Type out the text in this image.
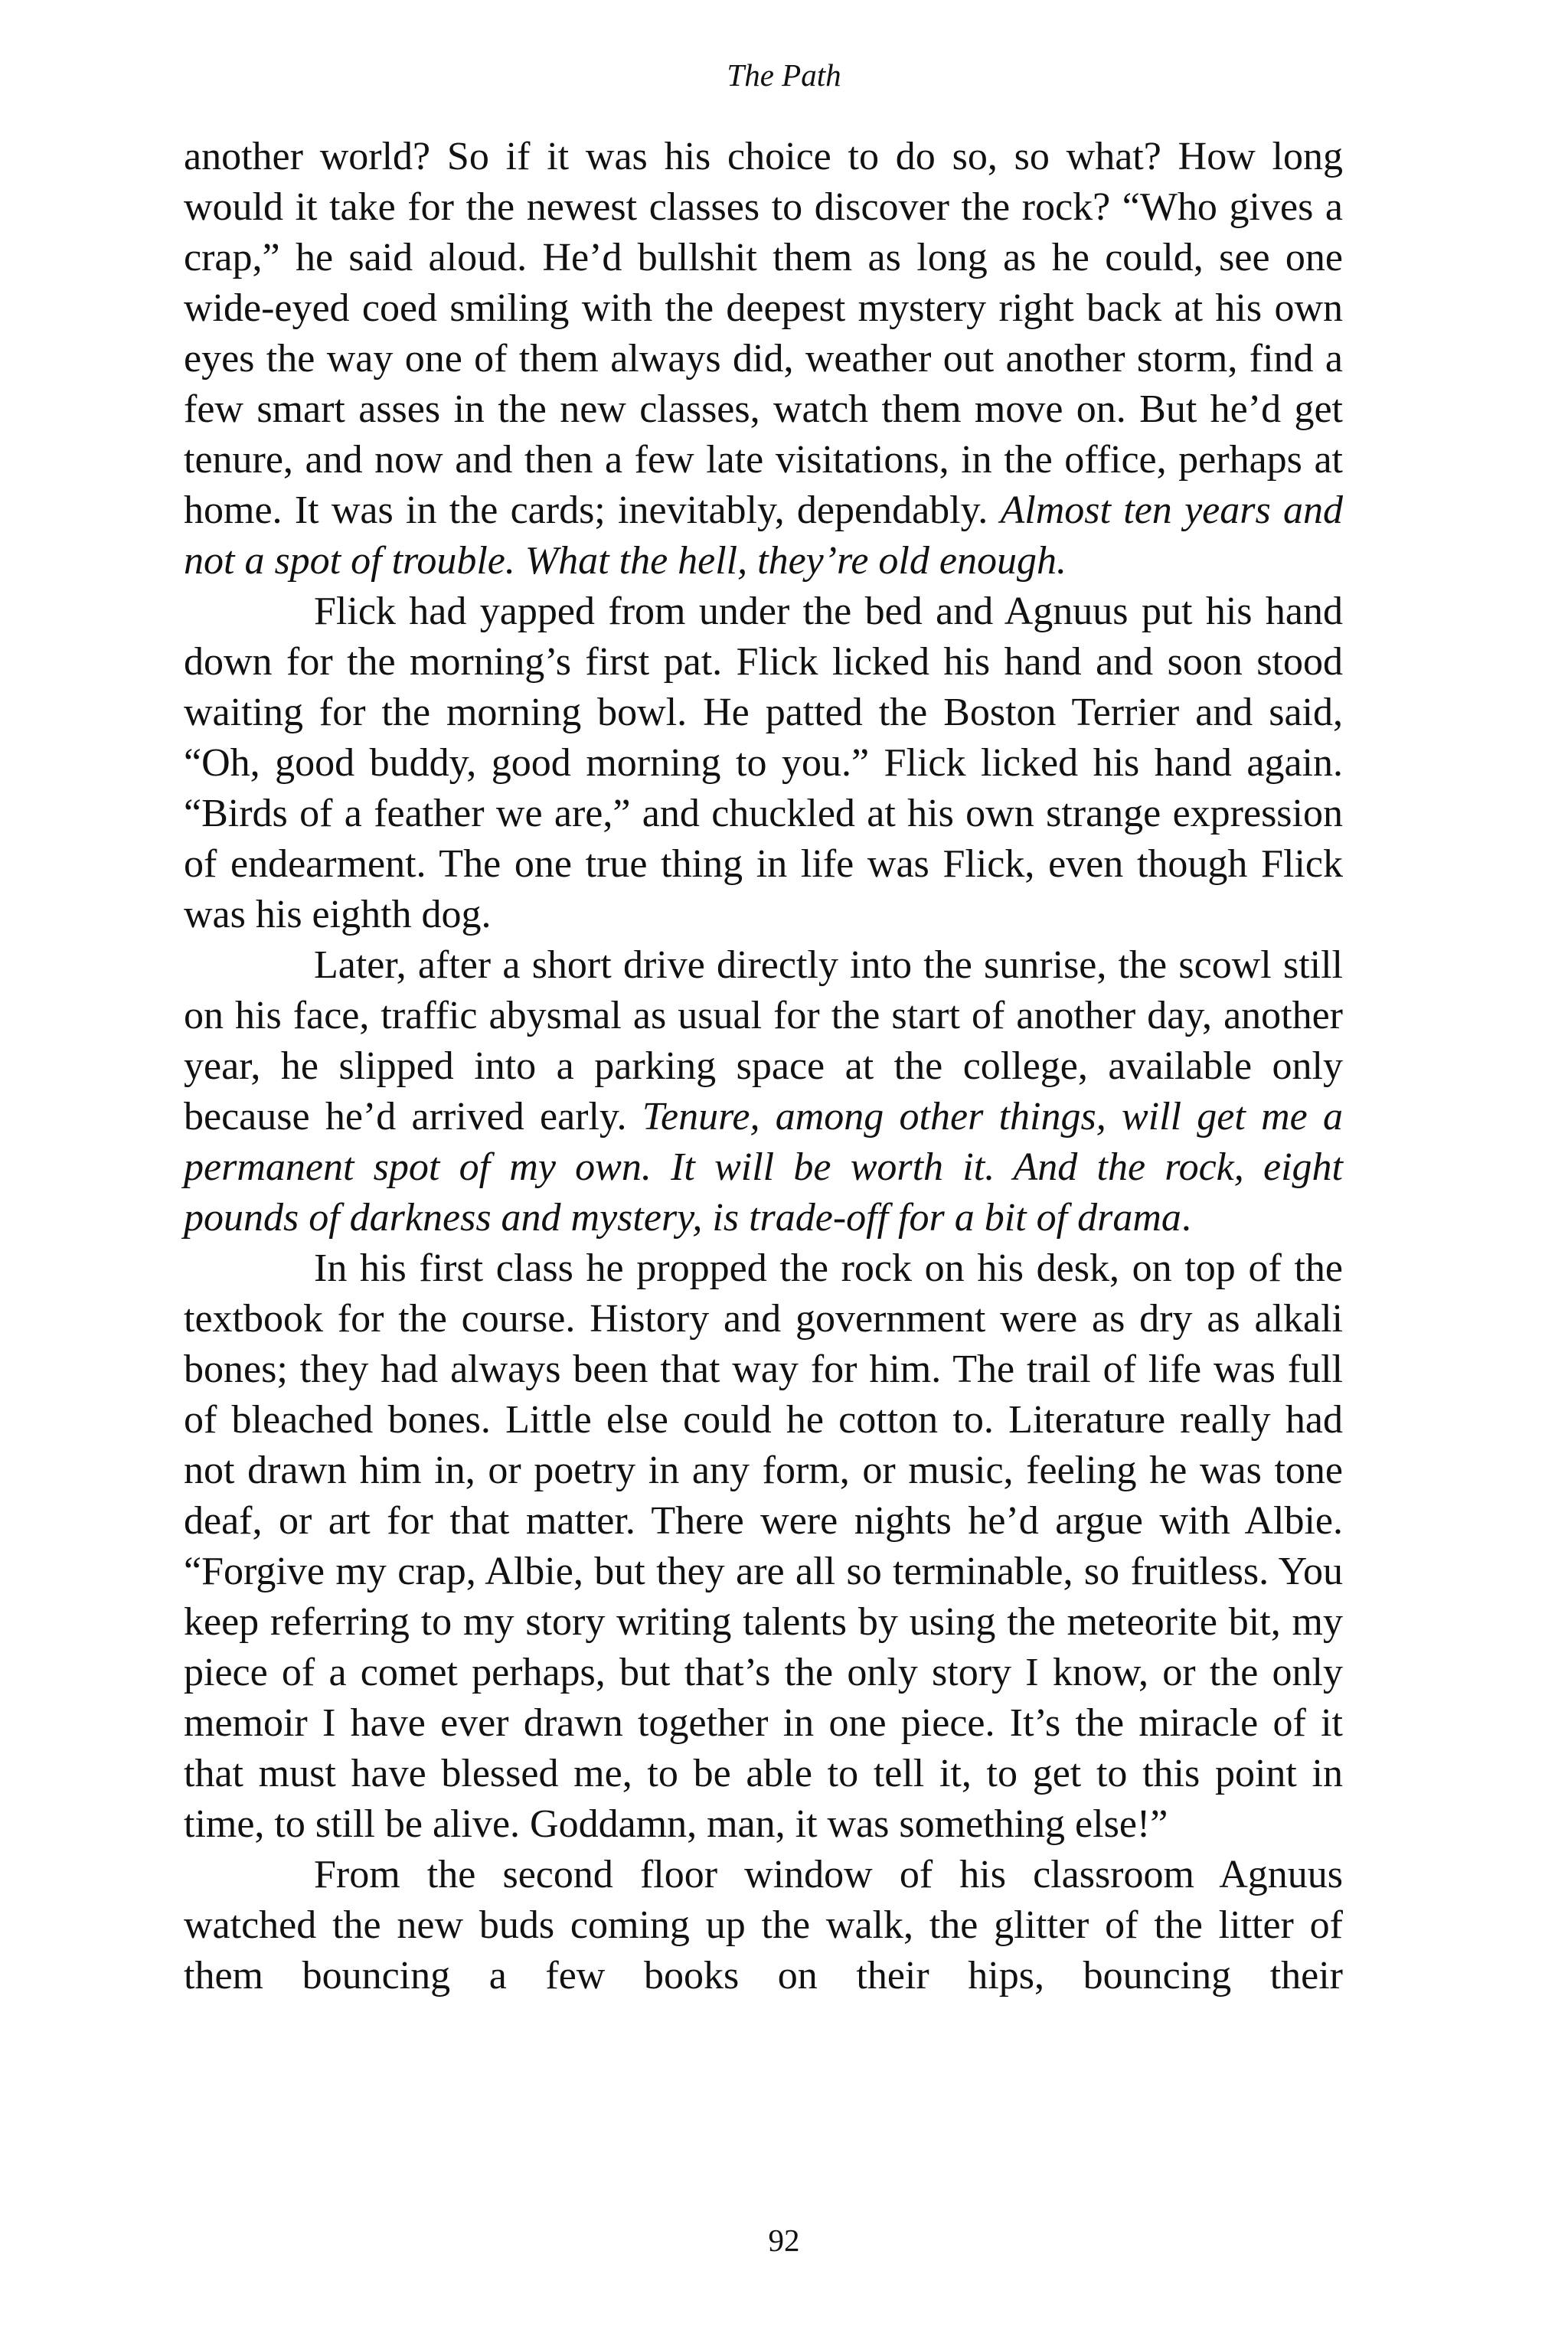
The Path

another world? So if it was his choice to do so, so what? How long would it take for the newest classes to discover the rock? “Who gives a crap,” he said aloud. He’d bullshit them as long as he could, see one wide-eyed coed smiling with the deepest mystery right back at his own eyes the way one of them always did, weather out another storm, find a few smart asses in the new classes, watch them move on. But he’d get tenure, and now and then a few late visitations, in the office, perhaps at home. It was in the cards; inevitably, dependably. Almost ten years and not a spot of trouble. What the hell, they’re old enough.

Flick had yapped from under the bed and Agnuus put his hand down for the morning’s first pat. Flick licked his hand and soon stood waiting for the morning bowl. He patted the Boston Terrier and said, “Oh, good buddy, good morning to you.” Flick licked his hand again. “Birds of a feather we are,” and chuckled at his own strange expression of endearment. The one true thing in life was Flick, even though Flick was his eighth dog.

Later, after a short drive directly into the sunrise, the scowl still on his face, traffic abysmal as usual for the start of another day, another year, he slipped into a parking space at the college, available only because he’d arrived early. Tenure, among other things, will get me a permanent spot of my own. It will be worth it. And the rock, eight pounds of darkness and mystery, is trade-off for a bit of drama.

In his first class he propped the rock on his desk, on top of the textbook for the course. History and government were as dry as alkali bones; they had always been that way for him. The trail of life was full of bleached bones. Little else could he cotton to. Literature really had not drawn him in, or poetry in any form, or music, feeling he was tone deaf, or art for that matter. There were nights he’d argue with Albie. “Forgive my crap, Albie, but they are all so terminable, so fruitless. You keep referring to my story writing talents by using the meteorite bit, my piece of a comet perhaps, but that’s the only story I know, or the only memoir I have ever drawn together in one piece. It’s the miracle of it that must have blessed me, to be able to tell it, to get to this point in time, to still be alive. Goddamn, man, it was something else!”

From the second floor window of his classroom Agnuus watched the new buds coming up the walk, the glitter of the litter of them bouncing a few books on their hips, bouncing their

92
